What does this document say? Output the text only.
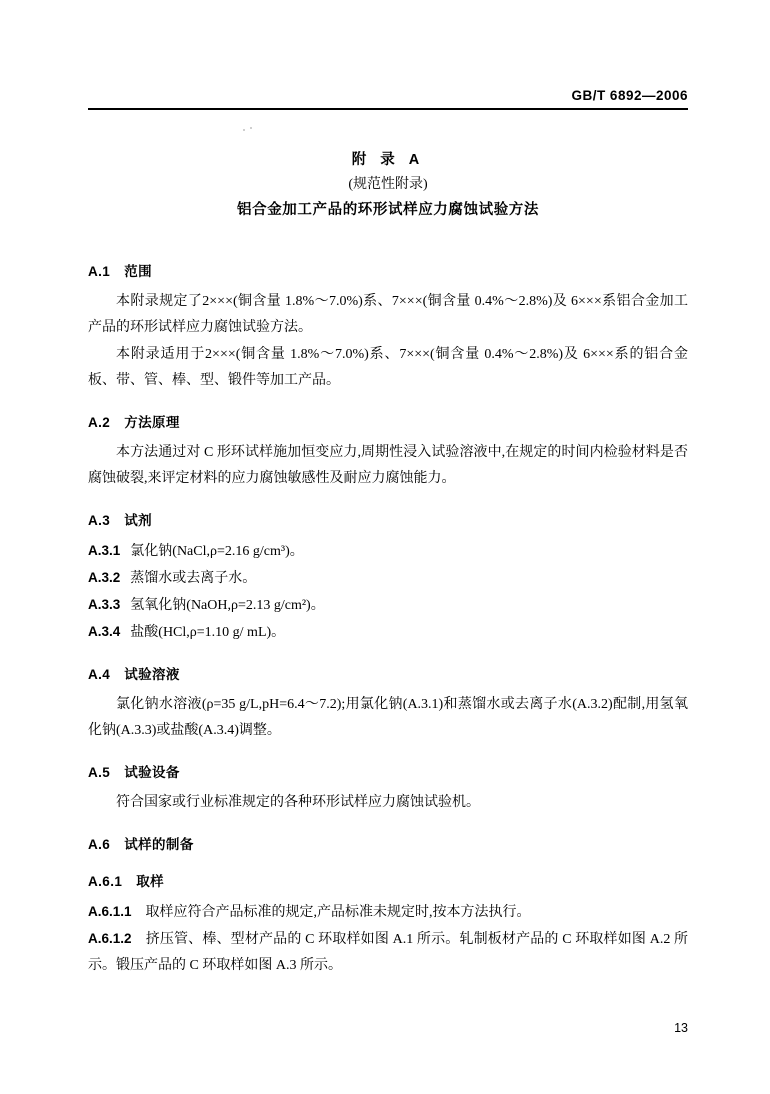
GB/T 6892—2006
附 录 A
(规范性附录)
铝合金加工产品的环形试样应力腐蚀试验方法
A.1 范围

本附录规定了2×××(铜含量 1.8%～7.0%)系、7×××(铜含量 0.4%～2.8%)及 6×××系铝合金加工产品的环形试样应力腐蚀试验方法。

本附录适用于2×××(铜含量 1.8%～7.0%)系、7×××(铜含量 0.4%～2.8%)及 6×××系的铝合金板、带、管、棒、型、锻件等加工产品。

A.2 方法原理

本方法通过对 C 形环试样施加恒变应力,周期性浸入试验溶液中,在规定的时间内检验材料是否腐蚀破裂,来评定材料的应力腐蚀敏感性及耐应力腐蚀能力。

A.3 试剂

A.3.1 氯化钠(NaCl,ρ=2.16 g/cm³)。

A.3.2 蒸馏水或去离子水。

A.3.3 氢氧化钠(NaOH,ρ=2.13 g/cm²)。

A.3.4 盐酸(HCl,ρ=1.10 g/ mL)。

A.4 试验溶液

氯化钠水溶液(ρ=35 g/L,pH=6.4～7.2);用氯化钠(A.3.1)和蒸馏水或去离子水(A.3.2)配制,用氢氧化钠(A.3.3)或盐酸(A.3.4)调整。

A.5 试验设备

符合国家或行业标准规定的各种环形试样应力腐蚀试验机。

A.6 试样的制备
A.6.1 取样

A.6.1.1 取样应符合产品标准的规定,产品标准未规定时,按本方法执行。

A.6.1.2 挤压管、棒、型材产品的 C 环取样如图 A.1 所示。轧制板材产品的 C 环取样如图 A.2 所示。锻压产品的 C 环取样如图 A.3 所示。

13
